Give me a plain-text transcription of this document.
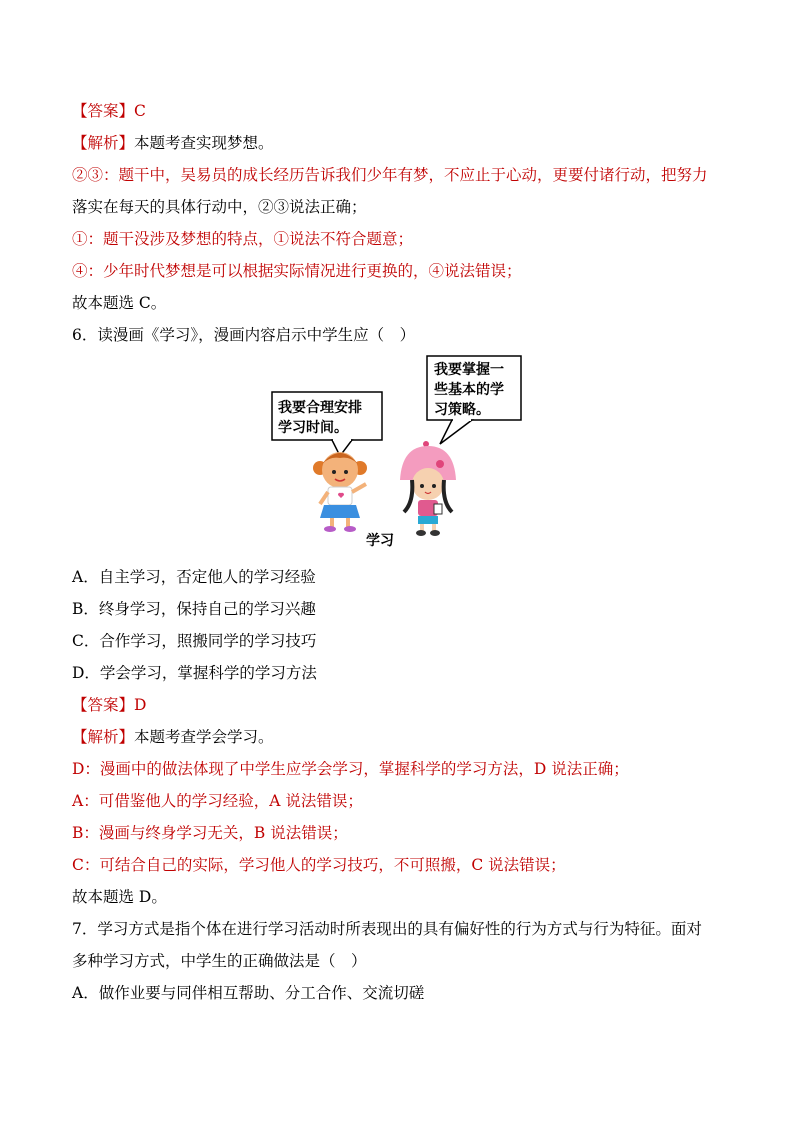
【答案】C
【解析】本题考查实现梦想。
②③：题干中，吴易员的成长经历告诉我们少年有梦，不应止于心动，更要付诸行动，把努力
落实在每天的具体行动中，②③说法正确；
①：题干没涉及梦想的特点，①说法不符合题意；
④：少年时代梦想是可以根据实际情况进行更换的，④说法错误；
故本题选 C。
6．读漫画《学习》，漫画内容启示中学生应（　）
我要合理安排
学习时间。
我要掌握一
些基本的学
习策略。
学习
A．自主学习，否定他人的学习经验
B．终身学习，保持自己的学习兴趣
C．合作学习，照搬同学的学习技巧
D．学会学习，掌握科学的学习方法
【答案】D
【解析】本题考查学会学习。
D：漫画中的做法体现了中学生应学会学习，掌握科学的学习方法，D 说法正确；
A：可借鉴他人的学习经验，A 说法错误；
B：漫画与终身学习无关，B 说法错误；
C：可结合自己的实际，学习他人的学习技巧，不可照搬，C 说法错误；
故本题选 D。
7．学习方式是指个体在进行学习活动时所表现出的具有偏好性的行为方式与行为特征。面对
多种学习方式，中学生的正确做法是（　）
A．做作业要与同伴相互帮助、分工合作、交流切磋
